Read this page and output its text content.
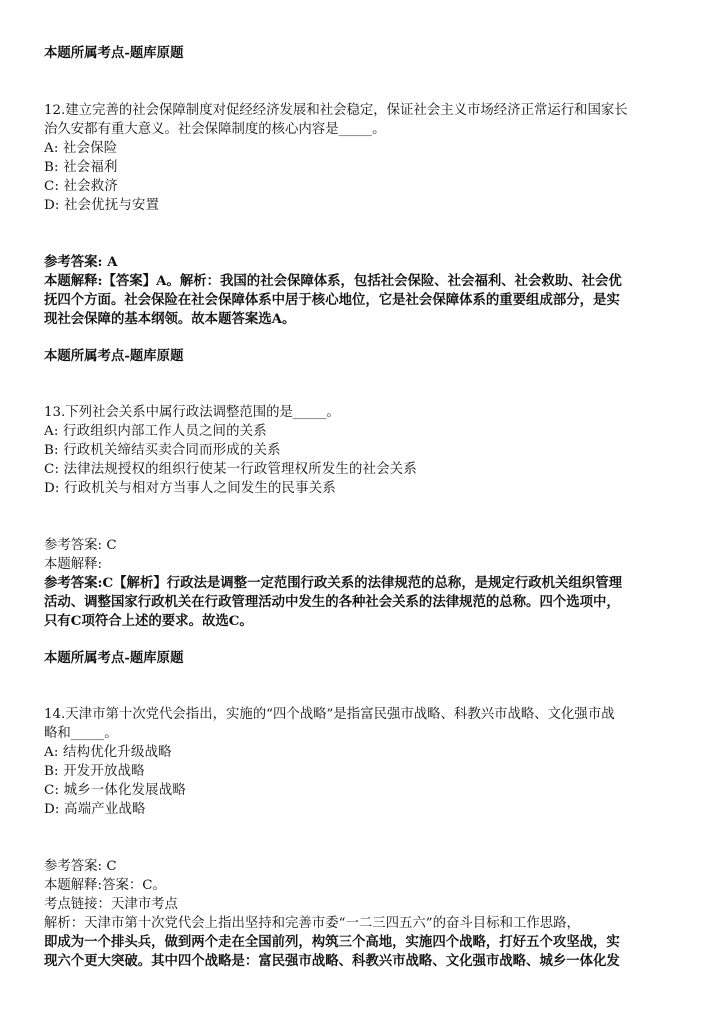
本题所属考点-题库原题
12.建立完善的社会保障制度对促经经济发展和社会稳定，保证社会主义市场经济正常运行和国家长
治久安都有重大意义。社会保障制度的核心内容是_____。
A: 社会保险
B: 社会福利
C: 社会救济
D: 社会优抚与安置
参考答案: A
本题解释:【答案】A。解析：我国的社会保障体系，包括社会保险、社会福利、社会救助、社会优
抚四个方面。社会保险在社会保障体系中居于核心地位，它是社会保障体系的重要组成部分，是实
现社会保障的基本纲领。故本题答案选A。
本题所属考点-题库原题
13.下列社会关系中属行政法调整范围的是_____。
A: 行政组织内部工作人员之间的关系
B: 行政机关缔结买卖合同而形成的关系
C: 法律法规授权的组织行使某一行政管理权所发生的社会关系
D: 行政机关与相对方当事人之间发生的民事关系
参考答案: C
本题解释:
参考答案:C【解析】行政法是调整一定范围行政关系的法律规范的总称，是规定行政机关组织管理
活动、调整国家行政机关在行政管理活动中发生的各种社会关系的法律规范的总称。四个选项中，
只有C项符合上述的要求。故选C。
本题所属考点-题库原题
14.天津市第十次党代会指出，实施的“四个战略”是指富民强市战略、科教兴市战略、文化强市战
略和_____。
A: 结构优化升级战略
B: 开发开放战略
C: 城乡一体化发展战略
D: 高端产业战略
参考答案: C
本题解释:答案：C。
考点链接：天津市考点
解析：天津市第十次党代会上指出坚持和完善市委“一二三四五六”的奋斗目标和工作思路，
即成为一个排头兵，做到两个走在全国前列，构筑三个高地，实施四个战略，打好五个攻坚战，实
现六个更大突破。其中四个战略是：富民强市战略、科教兴市战略、文化强市战略、城乡一体化发
